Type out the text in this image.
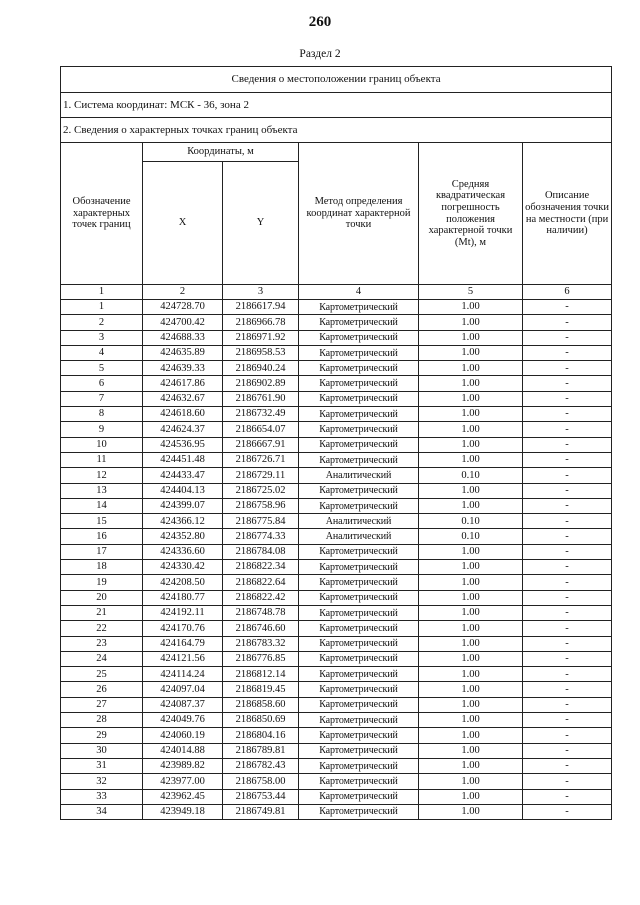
260
Раздел 2
Сведения о местоположении границ объекта					
1. Система координат: МСК - 36, зона 2					
2. Сведения о характерных точках границ объекта					
Обозначение характерных точек границ	Координаты, м		Метод определения координат характерной точки	Средняя квадратическая погрешность положения характерной точки (Mt), м	Описание обозначения точки на местности (при наличии)
	X	Y			
1	2	3	4	5	6
1	424728.70	2186617.94	Картометрический	1.00	-
2	424700.42	2186966.78	Картометрический	1.00	-
3	424688.33	2186971.92	Картометрический	1.00	-
4	424635.89	2186958.53	Картометрический	1.00	-
5	424639.33	2186940.24	Картометрический	1.00	-
6	424617.86	2186902.89	Картометрический	1.00	-
7	424632.67	2186761.90	Картометрический	1.00	-
8	424618.60	2186732.49	Картометрический	1.00	-
9	424624.37	2186654.07	Картометрический	1.00	-
10	424536.95	2186667.91	Картометрический	1.00	-
11	424451.48	2186726.71	Картометрический	1.00	-
12	424433.47	2186729.11	Аналитический	0.10	-
13	424404.13	2186725.02	Картометрический	1.00	-
14	424399.07	2186758.96	Картометрический	1.00	-
15	424366.12	2186775.84	Аналитический	0.10	-
16	424352.80	2186774.33	Аналитический	0.10	-
17	424336.60	2186784.08	Картометрический	1.00	-
18	424330.42	2186822.34	Картометрический	1.00	-
19	424208.50	2186822.64	Картометрический	1.00	-
20	424180.77	2186822.42	Картометрический	1.00	-
21	424192.11	2186748.78	Картометрический	1.00	-
22	424170.76	2186746.60	Картометрический	1.00	-
23	424164.79	2186783.32	Картометрический	1.00	-
24	424121.56	2186776.85	Картометрический	1.00	-
25	424114.24	2186812.14	Картометрический	1.00	-
26	424097.04	2186819.45	Картометрический	1.00	-
27	424087.37	2186858.60	Картометрический	1.00	-
28	424049.76	2186850.69	Картометрический	1.00	-
29	424060.19	2186804.16	Картометрический	1.00	-
30	424014.88	2186789.81	Картометрический	1.00	-
31	423989.82	2186782.43	Картометрический	1.00	-
32	423977.00	2186758.00	Картометрический	1.00	-
33	423962.45	2186753.44	Картометрический	1.00	-
34	423949.18	2186749.81	Картометрический	1.00	-
